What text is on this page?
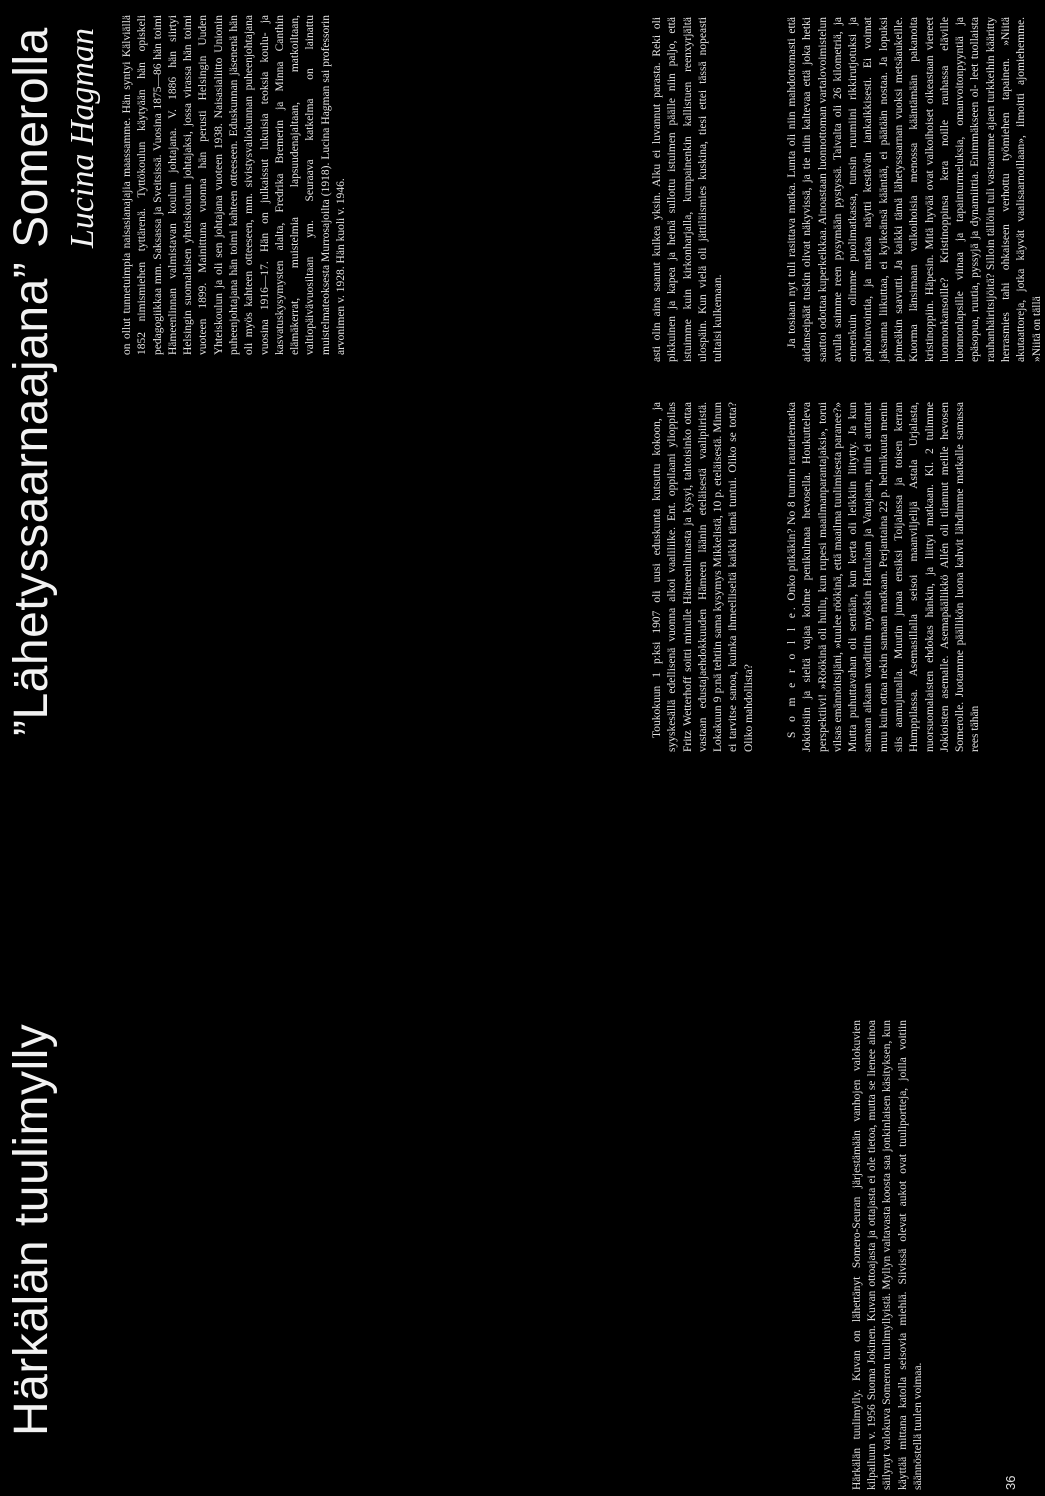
Härkälän tuulimylly	Härkälän tuulimylly. Kuvan on lähettänyt Somero-Seuran järjestämään vanhojen valokuvien kilpailuun v. 1956 Suoma Jokinen. Kuvan ottoajasta ja ottajasta ei ole tietoa, mutta se lienee ainoa säilynyt valokuva Someron tuulimyllyistä. Myllyn valtavasta koosta saa jonkinlaisen käsityksen, kun käyttää mittana katolla seisovia miehiä. Siivissä olevat aukot ovat tuuliportteja, joilla voitiin säännöstellä tuulen voimaa.	36
”Lähetyssaarnaajana” Somerolla Lucina Hagman on ollut tunnetuimpia naisasianajajia maassamme. Hän syntyi Kälviällä 1852 nimismiehen tyttärenä. Tyttökoulun käytyään hän opiskeli pedagogiikkaa mm. Saksassa ja Sveitsissä. Vuosina 1875—86 hän toimi Hämeenlinnan valmistavan koulun johtajana. V. 1886 hän siirtyi Helsingin suomalaisen yhteiskoulun johtajaksi, jossa virassa hän toimi vuoteen 1899. Mainittuna vuonna hän perusti Helsingin Uuden Yhteiskoulun ja oli sen johtajana vuoteen 1938. Naisasialiitto Unionin puheenjohtajana hän toimi kahteen otteeseen. Eduskunnan jäsenenä hän oli myös kahteen otteeseen, mm. sivistysvaliokunnan puheenjohtajana vuosina 1916—17. Hän on julkaissut lukuisia teoksia koulu- ja kasvatuskysymysten alalta, Fredrika Bremerin ja Minna Canthin elämäkerrat, muistelmia lapsuudenajaltaan, matkoiltaan, valtiopäivävuosiltaan ym. Seuraava katkelma on lainattu muistelmateoksesta Murrosajoilta (1918). Lucina Hagman sai professorin arvonimen v. 1928. Hän kuoli v. 1946.

Toukokuun 1 p:ksi 1907 oli uusi eduskunta kutsuttu kokoon, ja syyskesällä edellisenä vuonna alkoi vaaliliike. Ent. oppilaani ylioppilas Fritz Wetterhoff soitti minulle Hämeenlinnasta ja kysyi, tahtoisinko ottaa vastaan edustajaehdokkuuden Hämeen läänin eteläisestä vaalipiiristä. Lokakuun 9 p:nä tehtiin sama kysymys Mikkelistä, 10 p. eteläisestä. Minun ei tarvitse sanoa, kuinka ihmeelliseltä kaikki tämä tuntui. Oliko se totta? Oliko mahdollista?

asti olin aina saanut kulkea yksin. Alku ei luvannut parasta. Reki oli pikkuinen ja kapea ja heinä sullottu istuimen päälle niin paljo, että istuimme kuin kirkonharjalla, kumpainenkin kallistuen reenxyrjältä ulospäin. Kun vielä oli jättiläismies kuskina, tiesi ettei tässä nopeasti tultaisi kulkemaan.

S o m e r o l l e. Onko pitkäkin? No 8 tunnin rautatiematka Jokioisiin ja sieltä vajaa kolme penikulmaa hevosella. Houkutteleva perspektiivi! »Röökinä oli hullu, kun rupesi maailmanparantajaksi», torui vilsas emännöitsijäni, »tuulee röökinä, että maailma tuulimisesta paranee?» Mutta puhuttavahan oli sentään, kun kerta oli leikkiin liitytty. Ja kun samaan aikaan vaadittiin myöskin Hattulaan ja Vanajaan, niin ei auttanut muu kuin ottaa nekin samaan matkaan. Perjantaina 22 p. helmikuuta menin siis aamujunalla. Muutin junaa ensiksi Toijalassa ja toisen kerran Humppilassa. Asemasillalla seisoi maanviljelijä Astala Urjalasta, nuorsuomalaisten ehdokas hänkin, ja liittyi matkaan. Kl. 2 tulimme Jokioisten asemalle. Asemapäällikkö Allén oli tilannut meille hevosen Somerolle. Juotamme päällikön luona kahvit lähdimme matkalle samassa rees tähän

Ja tosiaan nyt tuli rasittava matka. Lunta oli niin mahdottomasti että aidanseipäät tuskin olivat näkyvissä, ja tie niin kaltevaa että joka hetki saattoi odottaa kuperkeikkaa. Ainoastaan luonnottoman vartalovoimistelun avulla saimme reen pysymään pystyssä. Taivalta oli 26 kilometriä, ja ennenkuin olimme puolimatkassa, tunsin ruumiini rikkirutjotuksi ja pahoinvointia, ja matkaa näytti kestävän iankaikkisesti. Ei voimat jaksanna liikuttaa, ei kyikeänsä kääntää, ei päätään nostaa. Ja lopuksi pimeäkin saavutti. Ja kaikki tämä lähetyssaarnan vuoksi metsäaukeille. Kuorma länsimaan valkoihoisia menossa kääntämään pakanoita kristinoppiin. Häpesin. Mitä hyvää ovat valkoihoiset oikeastaan vieneet luonnonkansoille? Kristinoppinsa kera noille rauhassa eläville luonnonlapsille viinaa ja tapainturmeluksia, omanvoitonpyyntiä ja epäsopua, ruutia, pyssyjä ja dynamiittia. Enimmäkseen ol- leet tuollaista rauhanhäiritsijöitä? Silloin tällöin tuli vastaamme ajaen turkkeihin kääritty herrasmies tahi ohkaiseen verhottu työmiehen tapainen. »Niitä akutaattoreja, jotka käyvät vaalisaarnoillaan», ilmoitti ajomiehemme. »Niitä on tällä
